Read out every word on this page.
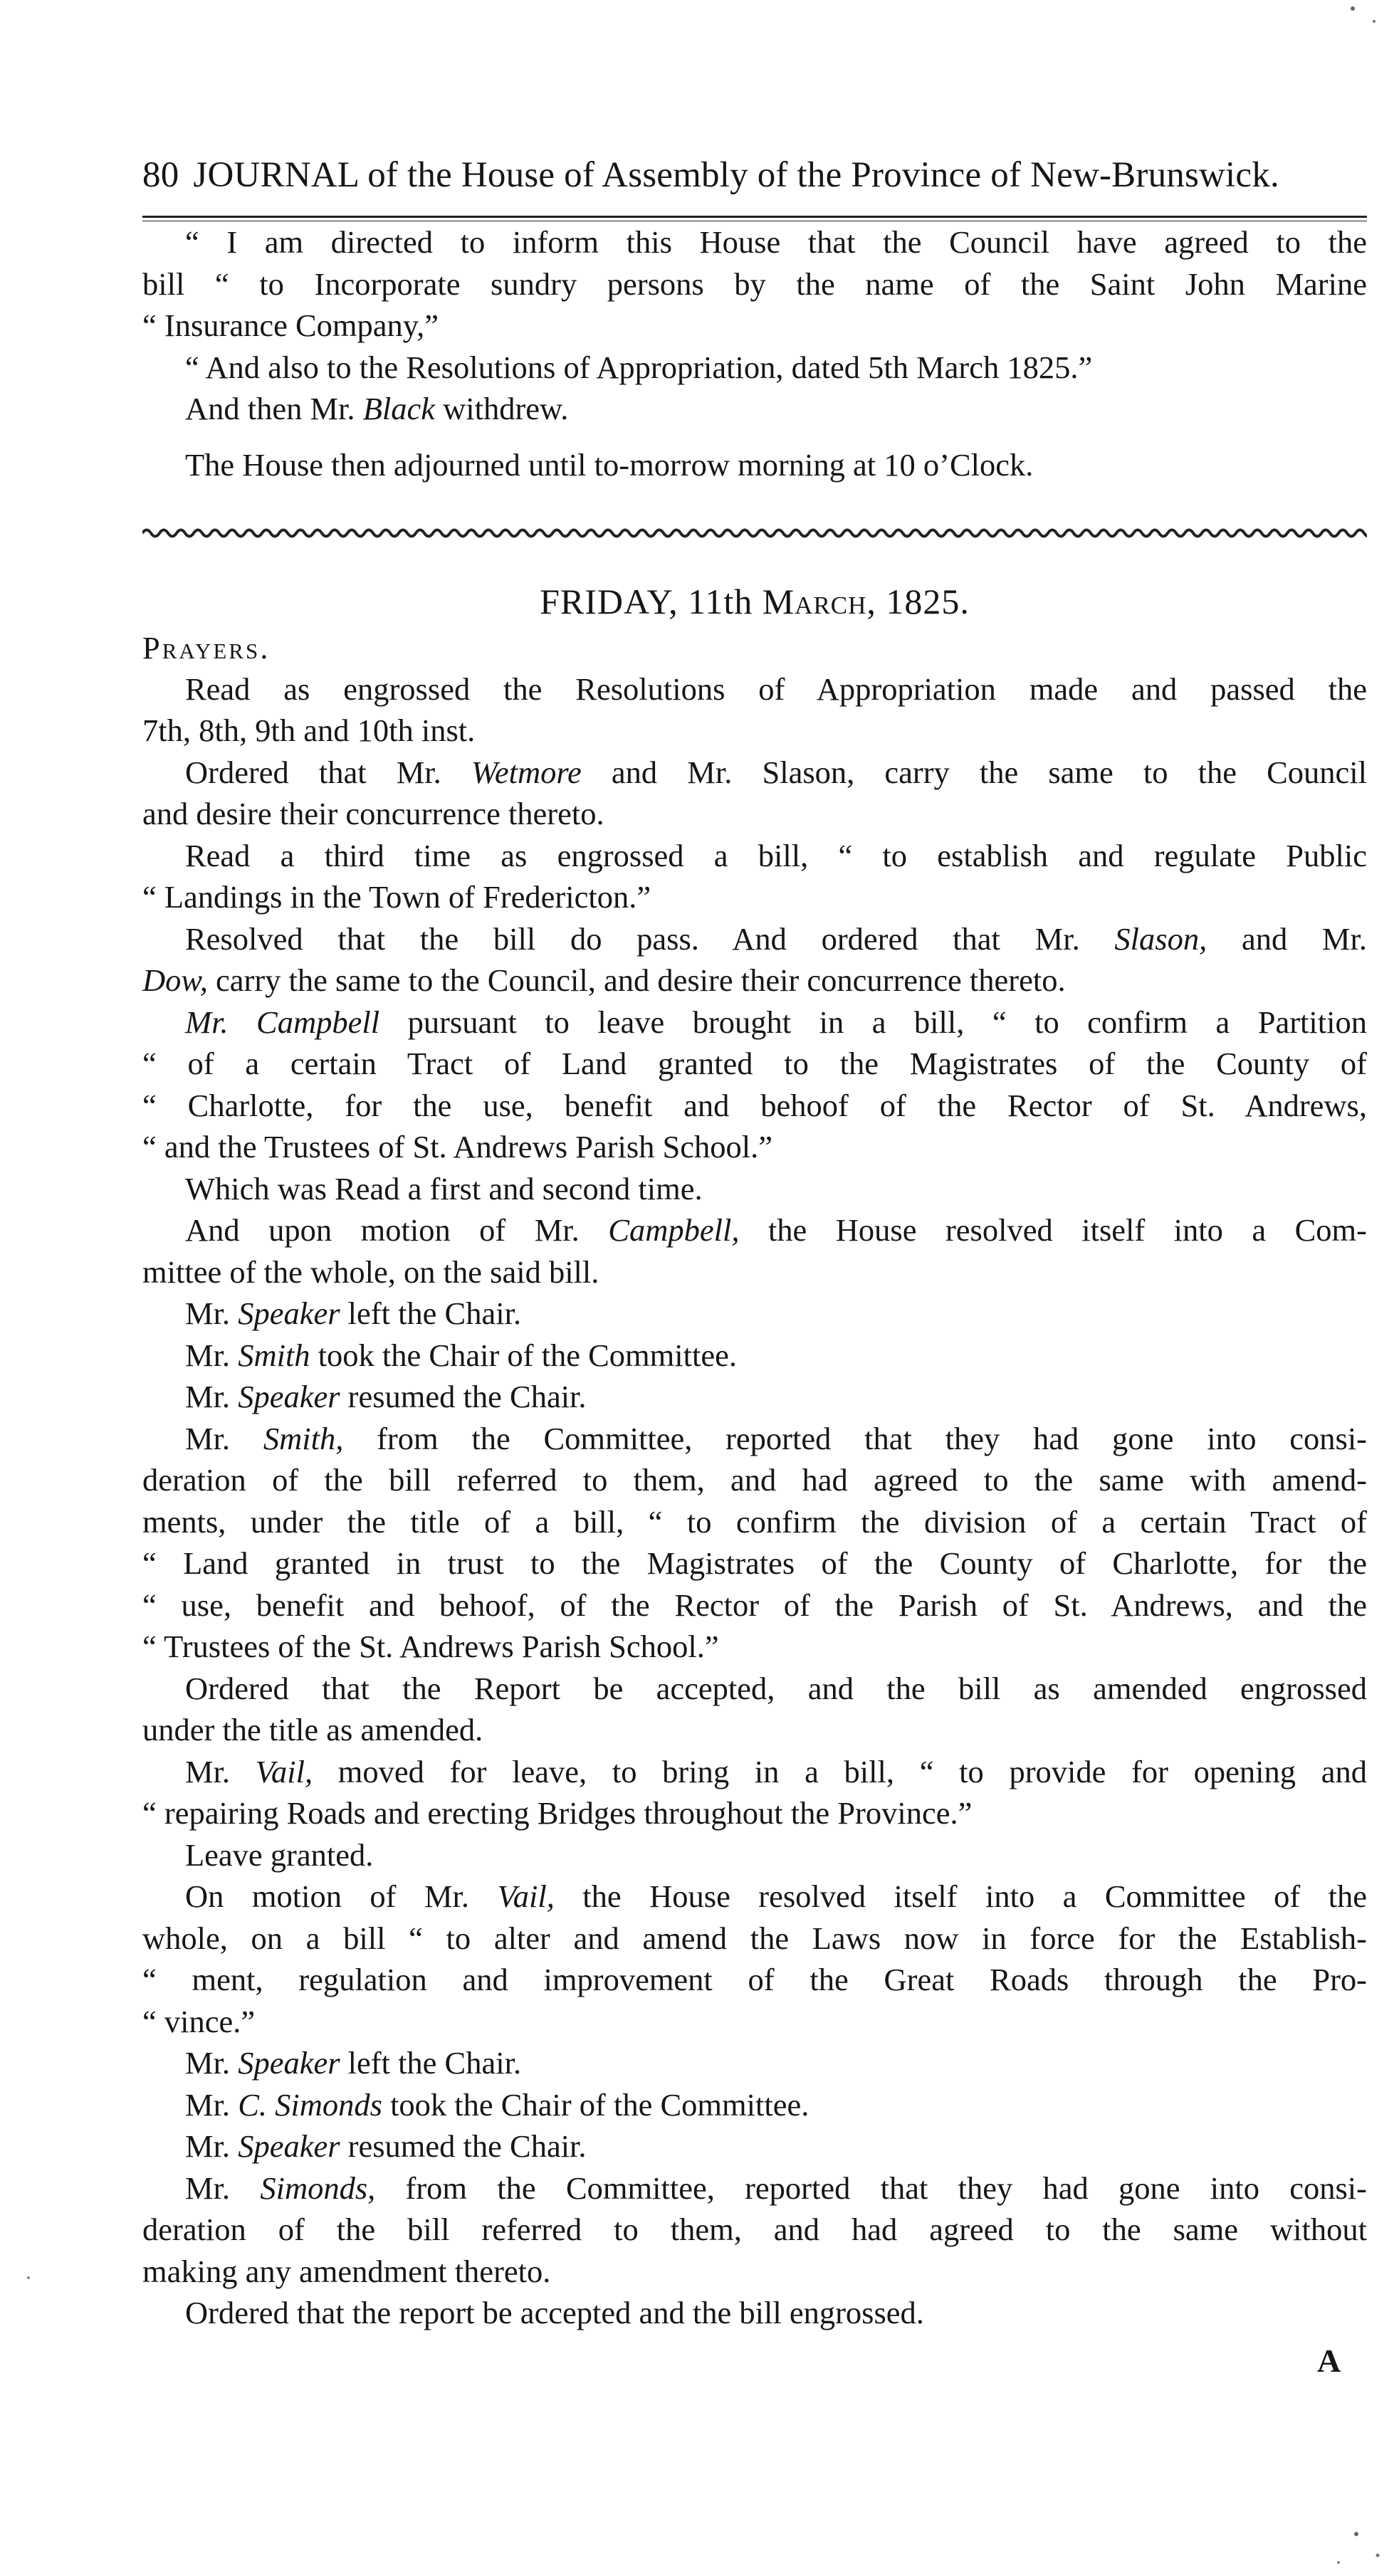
80 JOURNAL of the House of Assembly of the Province of New-Brunswick.
“ I am directed to inform this House that the Council have agreed to the
bill “ to Incorporate sundry persons by the name of the Saint John Marine
“ Insurance Company,”
“ And also to the Resolutions of Appropriation, dated 5th March 1825.”
And then Mr. Black withdrew.
The House then adjourned until to-morrow morning at 10 o’Clock.
FRIDAY, 11th March, 1825.
Prayers.
Read as engrossed the Resolutions of Appropriation made and passed the
7th, 8th, 9th and 10th inst.
Ordered that Mr. Wetmore and Mr. Slason, carry the same to the Council
and desire their concurrence thereto.
Read a third time as engrossed a bill, “ to establish and regulate Public
“ Landings in the Town of Fredericton.”
Resolved that the bill do pass. And ordered that Mr. Slason, and Mr.
Dow, carry the same to the Council, and desire their concurrence thereto.
Mr. Campbell pursuant to leave brought in a bill, “ to confirm a Partition
“ of a certain Tract of Land granted to the Magistrates of the County of
“ Charlotte, for the use, benefit and behoof of the Rector of St. Andrews,
“ and the Trustees of St. Andrews Parish School.”
Which was Read a first and second time.
And upon motion of Mr. Campbell, the House resolved itself into a Com-
mittee of the whole, on the said bill.
Mr. Speaker left the Chair.
Mr. Smith took the Chair of the Committee.
Mr. Speaker resumed the Chair.
Mr. Smith, from the Committee, reported that they had gone into consi-
deration of the bill referred to them, and had agreed to the same with amend-
ments, under the title of a bill, “ to confirm the division of a certain Tract of
“ Land granted in trust to the Magistrates of the County of Charlotte, for the
“ use, benefit and behoof, of the Rector of the Parish of St. Andrews, and the
“ Trustees of the St. Andrews Parish School.”
Ordered that the Report be accepted, and the bill as amended engrossed
under the title as amended.
Mr. Vail, moved for leave, to bring in a bill, “ to provide for opening and
“ repairing Roads and erecting Bridges throughout the Province.”
Leave granted.
On motion of Mr. Vail, the House resolved itself into a Committee of the
whole, on a bill “ to alter and amend the Laws now in force for the Establish-
“ ment, regulation and improvement of the Great Roads through the Pro-
“ vince.”
Mr. Speaker left the Chair.
Mr. C. Simonds took the Chair of the Committee.
Mr. Speaker resumed the Chair.
Mr. Simonds, from the Committee, reported that they had gone into consi-
deration of the bill referred to them, and had agreed to the same without
making any amendment thereto.
Ordered that the report be accepted and the bill engrossed.
A
